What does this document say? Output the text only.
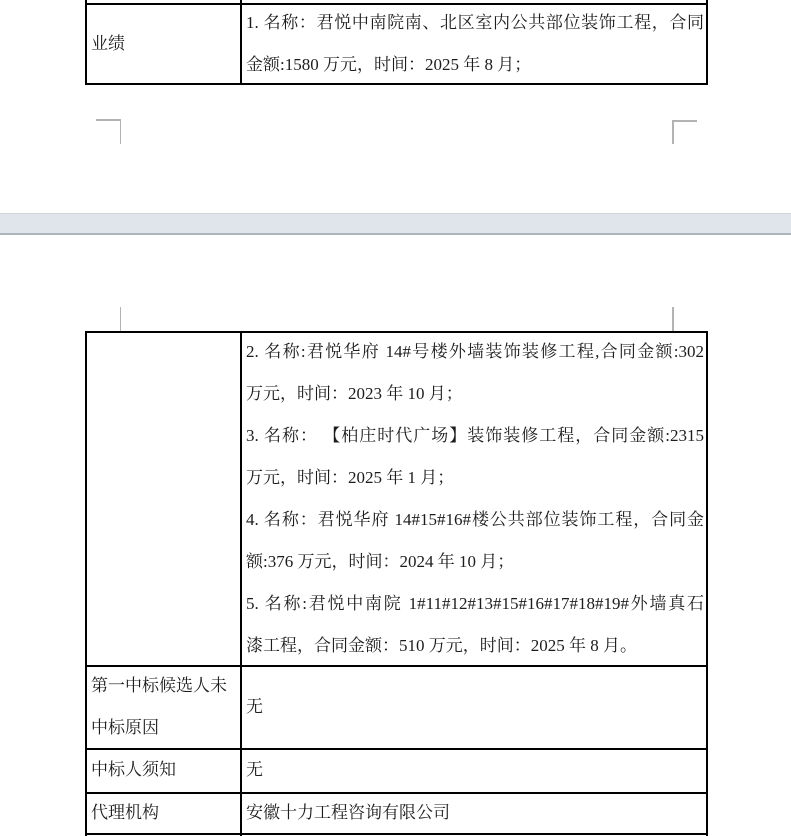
业绩
1. 名称：君悦中南院南、北区室内公共部位装饰工程，合同
金额:1580 万元，时间：2025 年 8 月；
2. 名称:君悦华府 14#号楼外墙装饰装修工程,合同金额:302
万元，时间：2023 年 10 月；
3. 名称： 【柏庄时代广场】装饰装修工程，合同金额:2315
万元，时间：2025 年 1 月；
4. 名称：君悦华府 14#15#16#楼公共部位装饰工程，合同金
额:376 万元，时间：2024 年 10 月；
5. 名称:君悦中南院 1#11#12#13#15#16#17#18#19#外墙真石
漆工程，合同金额：510 万元，时间：2025 年 8 月。
第一中标候选人未
中标原因
无
中标人须知	无
代理机构	安徽十力工程咨询有限公司
